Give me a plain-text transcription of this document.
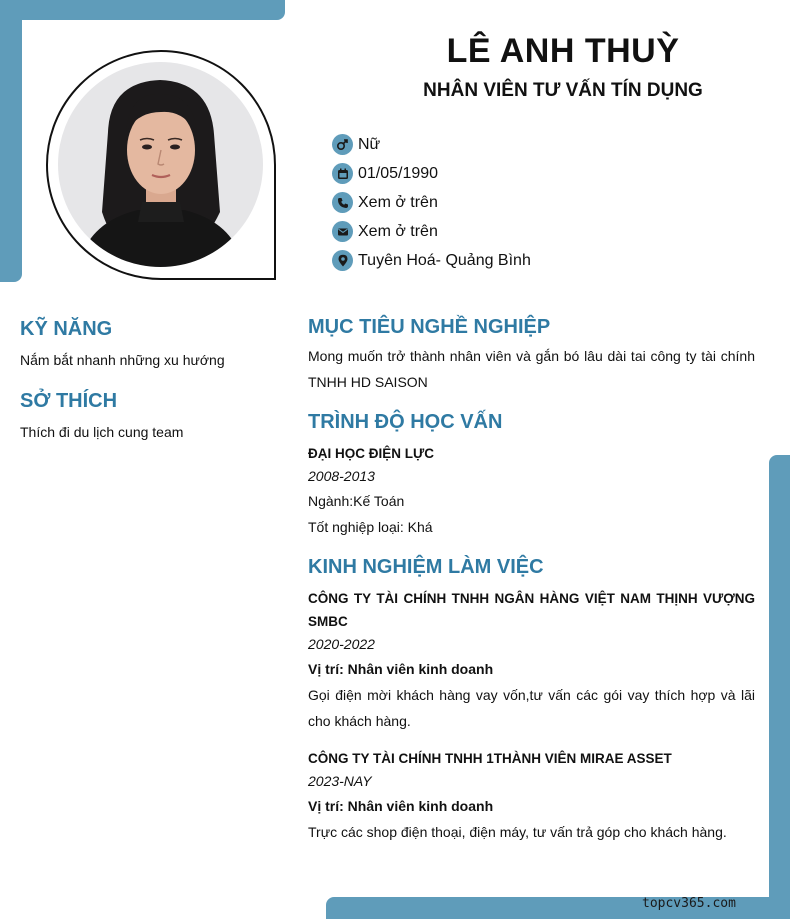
LÊ ANH THUỲ
NHÂN VIÊN TƯ VẤN TÍN DỤNG
Nữ
01/05/1990
Xem ở trên
Xem ở trên
Tuyên Hoá- Quảng Bình
KỸ NĂNG
Nắm bắt nhanh những xu hướng
SỞ THÍCH
Thích đi du lịch cung team
MỤC TIÊU NGHỀ NGHIỆP
Mong muốn trở thành nhân viên và gắn bó lâu dài tai công ty tài chính TNHH HD SAISON
TRÌNH ĐỘ HỌC VẤN
ĐẠI HỌC ĐIỆN LỰC
2008-2013
Ngành:Kế Toán
Tốt nghiệp loại: Khá
KINH NGHIỆM LÀM VIỆC
CÔNG TY TÀI CHÍNH TNHH NGÂN HÀNG VIỆT NAM THỊNH VƯỢNG SMBC
2020-2022
Vị trí: Nhân viên kinh doanh
Gọi điện mời khách hàng vay vốn,tư vấn các gói vay thích hợp và lãi cho khách hàng.
CÔNG TY TÀI CHÍNH TNHH 1THÀNH VIÊN MIRAE ASSET
2023-NAY
Vị trí: Nhân viên kinh doanh
Trực các shop điện thoại, điện máy, tư vấn trả góp cho khách hàng.
topcv365.com
